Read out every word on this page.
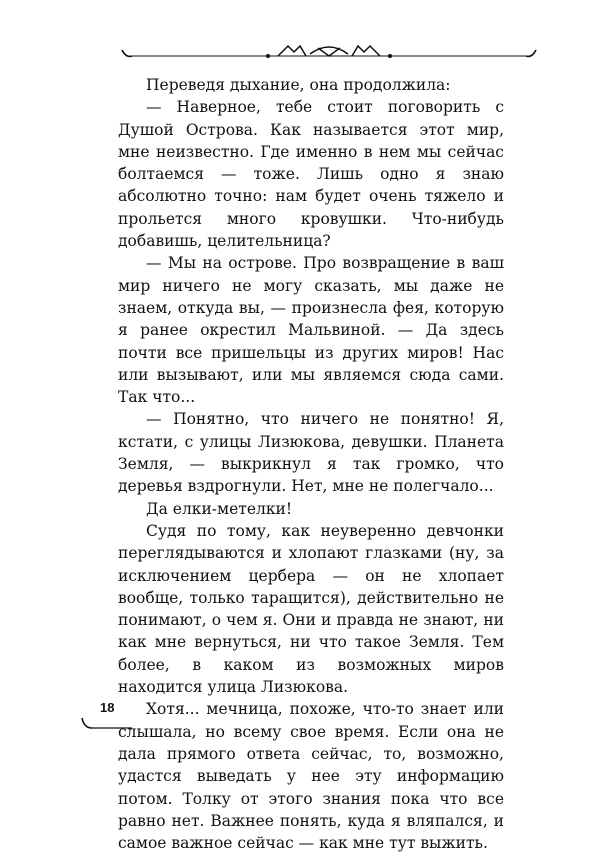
Переведя дыхание, она продолжила:

— Наверное, тебе стоит поговорить с Душой Острова. Как называется этот мир, мне неизвестно. Где именно в нем мы сейчас болтаемся — тоже. Лишь одно я знаю абсолютно точно: нам будет очень тяжело и прольется много кровушки. Что-нибудь добавишь, целительница?

— Мы на острове. Про возвращение в ваш мир ничего не могу сказать, мы даже не знаем, откуда вы, — произнесла фея, которую я ранее окрестил Мальвиной. — Да здесь почти все пришельцы из других миров! Нас или вызывают, или мы являемся сюда сами. Так что...

— Понятно, что ничего не понятно! Я, кстати, с улицы Лизюкова, девушки. Планета Земля, — выкрикнул я так громко, что деревья вздрогнули. Нет, мне не полегчало...

Да елки-метелки!

Судя по тому, как неуверенно девчонки переглядываются и хлопают глазками (ну, за исключением цербера — он не хлопает вообще, только таращится), действительно не понимают, о чем я. Они и правда не знают, ни как мне вернуться, ни что такое Земля. Тем более, в каком из возможных миров находится улица Лизюкова.

Хотя... мечница, похоже, что-то знает или слышала, но всему свое время. Если она не дала прямого ответа сейчас, то, возможно, удастся выведать у нее эту информацию потом. Толку от этого знания пока что все равно нет. Важнее понять, куда я вляпался, и самое важное сейчас — как мне тут выжить.

18
